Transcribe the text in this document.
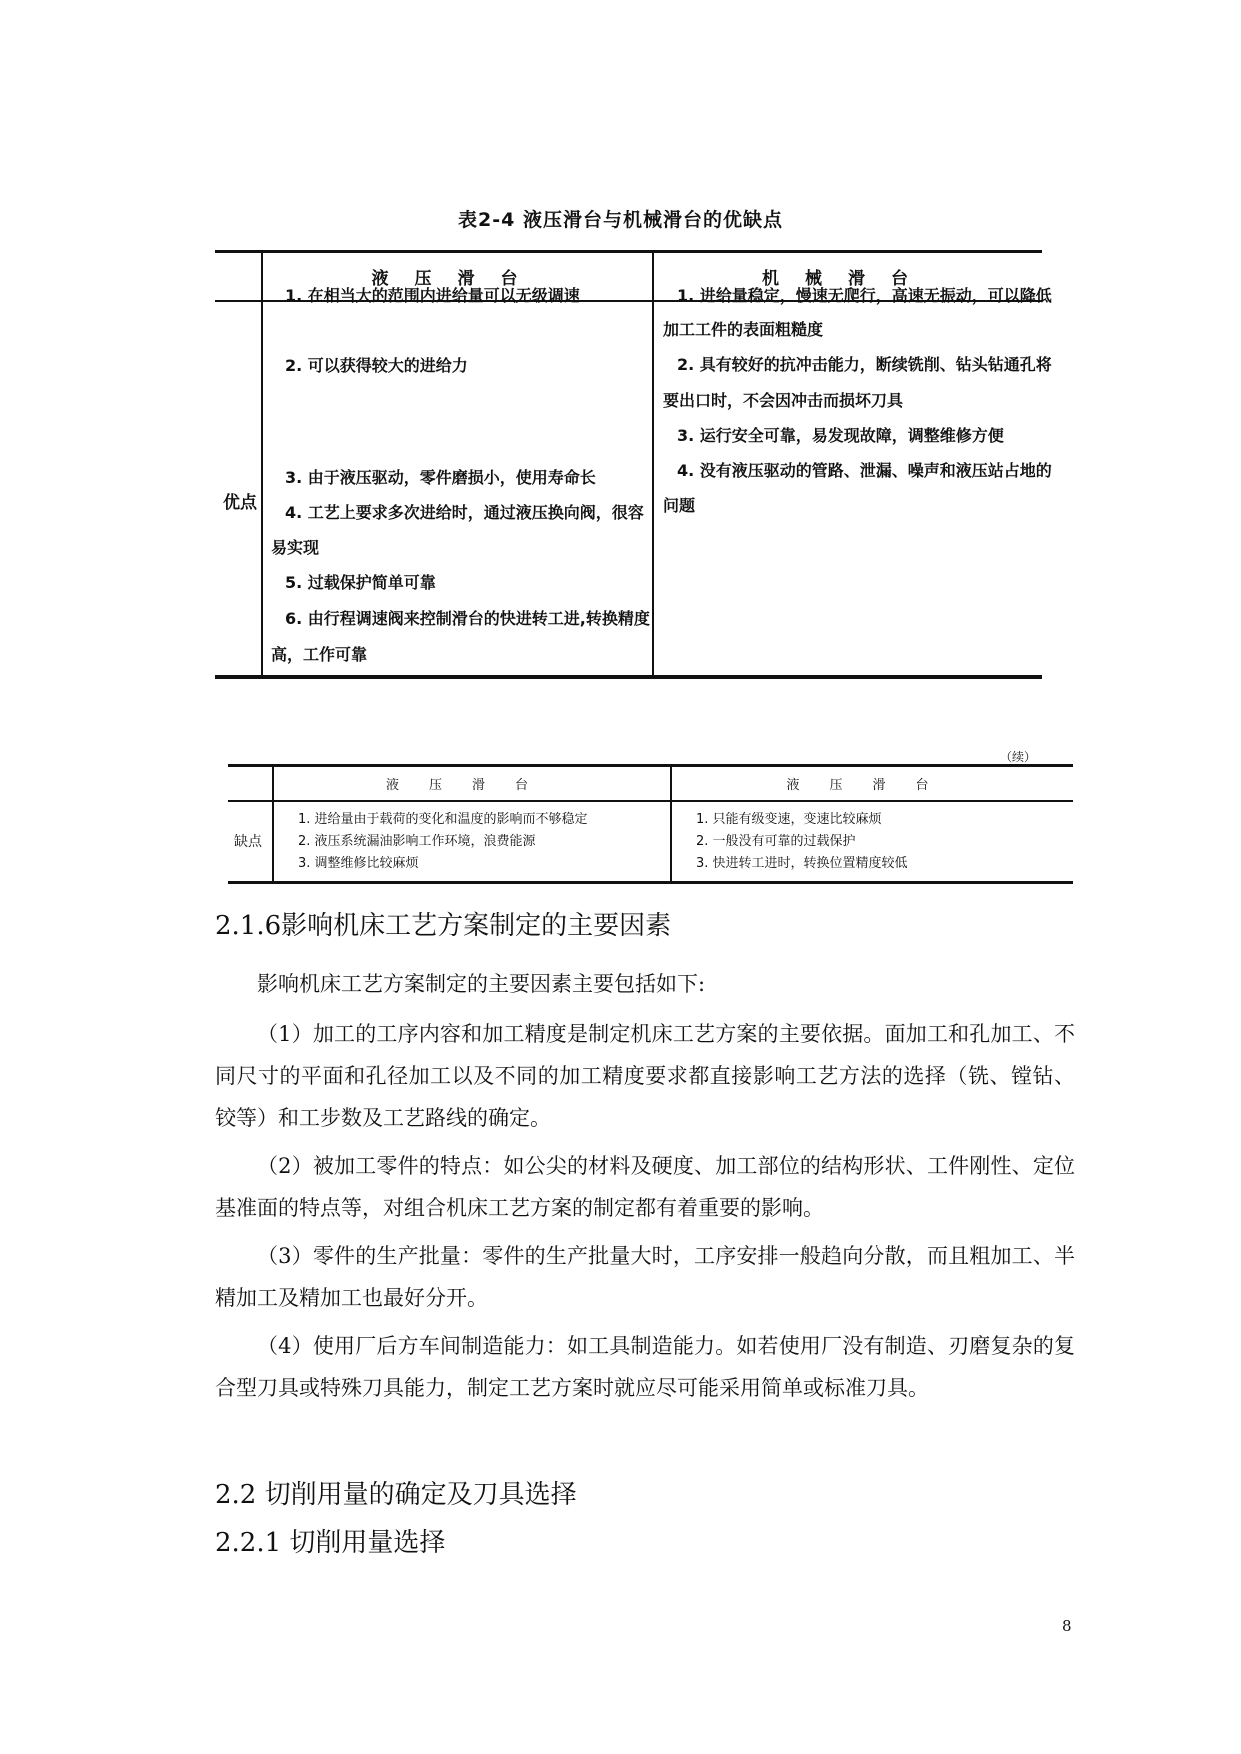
表2-4 液压滑台与机械滑台的优缺点
液压滑台	机械滑台
优点
1. 在相当大的范围内进给量可以无级调速
2. 可以获得较大的进给力
3. 由于液压驱动，零件磨损小，使用寿命长
4. 工艺上要求多次进给时，通过液压换向阀，很容
易实现
5. 过载保护简单可靠
6. 由行程调速阀来控制滑台的快进转工进,转换精度
高，工作可靠
1. 进给量稳定，慢速无爬行，高速无振动，可以降低
加工工件的表面粗糙度
2. 具有较好的抗冲击能力，断续铣削、钻头钻通孔将
要出口时，不会因冲击而损坏刀具
3. 运行安全可靠，易发现故障，调整维修方便
4. 没有液压驱动的管路、泄漏、噪声和液压站占地的
问题
（续）
液压滑台	液压滑台
缺点
1. 进给量由于载荷的变化和温度的影响而不够稳定
2. 液压系统漏油影响工作环境，浪费能源
3. 调整维修比较麻烦
1. 只能有级变速，变速比较麻烦
2. 一般没有可靠的过载保护
3. 快进转工进时，转换位置精度较低
2.1.6影响机床工艺方案制定的主要因素
影响机床工艺方案制定的主要因素主要包括如下:
（1）加工的工序内容和加工精度是制定机床工艺方案的主要依据。面加工和孔加工、不同尺寸的平面和孔径加工以及不同的加工精度要求都直接影响工艺方法的选择（铣、镗钻、铰等）和工步数及工艺路线的确定。
（2）被加工零件的特点：如公尖的材料及硬度、加工部位的结构形状、工件刚性、定位基准面的特点等，对组合机床工艺方案的制定都有着重要的影响。
（3）零件的生产批量：零件的生产批量大时，工序安排一般趋向分散，而且粗加工、半精加工及精加工也最好分开。
（4）使用厂后方车间制造能力：如工具制造能力。如若使用厂没有制造、刃磨复杂的复合型刀具或特殊刀具能力，制定工艺方案时就应尽可能采用简单或标准刀具。
2.2 切削用量的确定及刀具选择
2.2.1 切削用量选择
8
